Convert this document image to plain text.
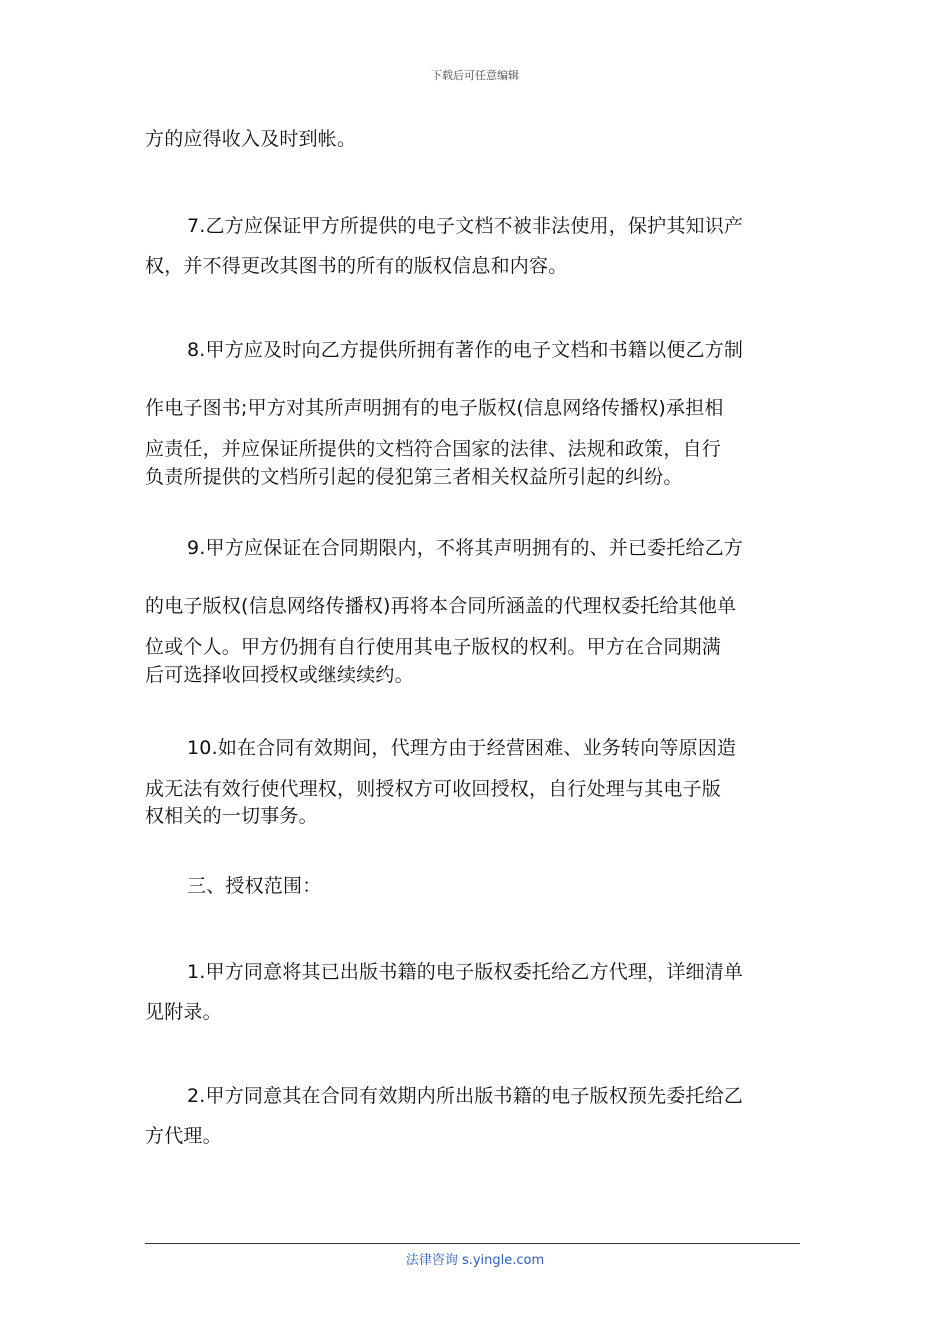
下载后可任意编辑
方的应得收入及时到帐。
7.乙方应保证甲方所提供的电子文档不被非法使用，保护其知识产
权，并不得更改其图书的所有的版权信息和内容。
8.甲方应及时向乙方提供所拥有著作的电子文档和书籍以便乙方制
作电子图书;甲方对其所声明拥有的电子版权(信息网络传播权)承担相
应责任，并应保证所提供的文档符合国家的法律、法规和政策，自行
负责所提供的文档所引起的侵犯第三者相关权益所引起的纠纷。
9.甲方应保证在合同期限内，不将其声明拥有的、并已委托给乙方
的电子版权(信息网络传播权)再将本合同所涵盖的代理权委托给其他单
位或个人。甲方仍拥有自行使用其电子版权的权利。甲方在合同期满
后可选择收回授权或继续续约。
10.如在合同有效期间，代理方由于经营困难、业务转向等原因造
成无法有效行使代理权，则授权方可收回授权，自行处理与其电子版
权相关的一切事务。
三、授权范围：
1.甲方同意将其已出版书籍的电子版权委托给乙方代理，详细清单
见附录。
2.甲方同意其在合同有效期内所出版书籍的电子版权预先委托给乙
方代理。
法律咨询 s.yingle.com
